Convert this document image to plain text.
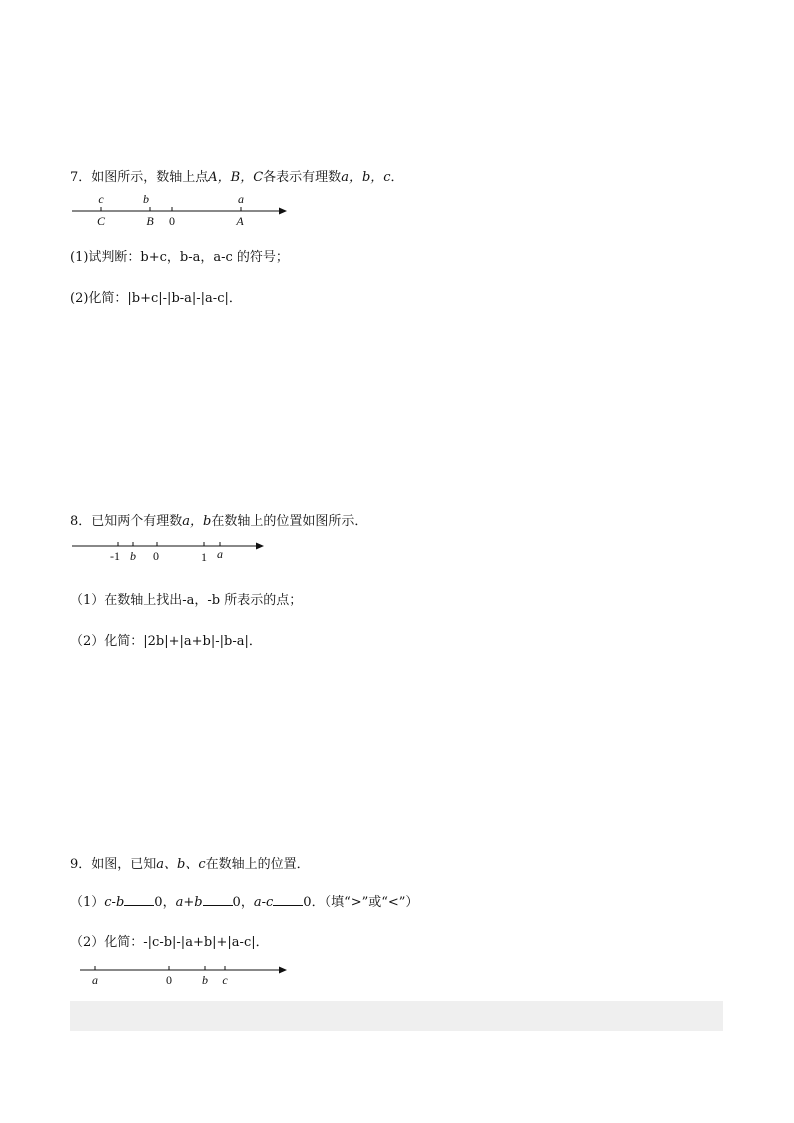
7．如图所示，数轴上点A，B，C各表示有理数a，b，c．
c	b	a
C	B 0	A
-1 b 0	1 a
a	0	b c
(1)试判断：b+c，b-a，a-c 的符号；
(2)化简：|b+c|-|b-a|-|a-c|．
8．已知两个有理数a，b在数轴上的位置如图所示．
（1）在数轴上找出-a，-b 所表示的点；
（2）化简：|2b|+|a+b|-|b-a|．
9．如图，已知a、b、c在数轴上的位置．
（1）c-b 0，a+b 0，a-c 0．（填“>”或“<”）
（2）化简：-|c-b|-|a+b|+|a-c|．
